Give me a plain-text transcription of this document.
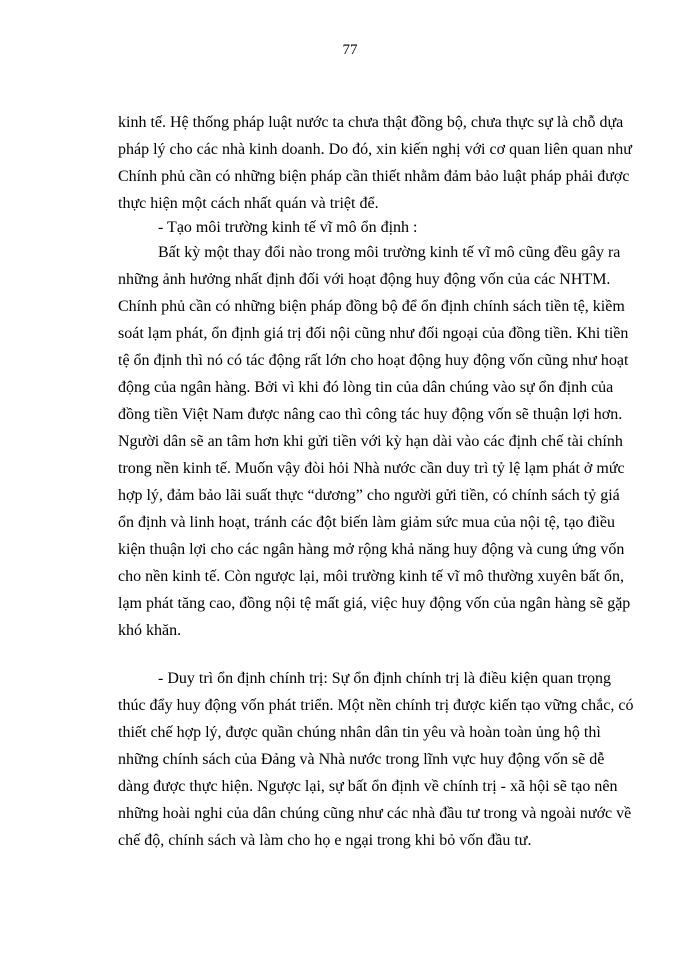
77
kinh tế. Hệ thống pháp luật nước ta chưa thật đồng bộ, chưa thực sự là chỗ dựa
pháp lý cho các nhà kinh doanh. Do đó, xin kiến nghị với cơ quan liên quan như
Chính phủ cần có những biện pháp cần thiết nhằm đảm bảo luật pháp phải được
thực hiện một cách nhất quán và triệt để.
- Tạo môi trường kinh tế vĩ mô ổn định :
Bất kỳ một thay đổi nào trong môi trường kinh tế vĩ mô cũng đều gây ra
những ảnh hưởng nhất định đối với hoạt động huy động vốn của các NHTM.
Chính phủ cần có những biện pháp đồng bộ để ổn định chính sách tiền tệ, kiềm
soát lạm phát, ổn định giá trị đối nội cũng như đối ngoại của đồng tiền. Khi tiền
tệ ổn định thì nó có tác động rất lớn cho hoạt động huy động vốn cũng như hoạt
động của ngân hàng. Bởi vì khi đó lòng tin của dân chúng vào sự ổn định của
đồng tiền Việt Nam được nâng cao thì công tác huy động vốn sẽ thuận lợi hơn.
Người dân sẽ an tâm hơn khi gửi tiền với kỳ hạn dài vào các định chế tài chính
trong nền kinh tế. Muốn vậy đòi hỏi Nhà nước cần duy trì tỷ lệ lạm phát ở mức
hợp lý, đảm bảo lãi suất thực “dương” cho người gửi tiền, có chính sách tỷ giá
ổn định và linh hoạt, tránh các đột biến làm giảm sức mua của nội tệ, tạo điều
kiện thuận lợi cho các ngân hàng mở rộng khả năng huy động và cung ứng vốn
cho nền kinh tế. Còn ngược lại, môi trường kinh tế vĩ mô thường xuyên bất ổn,
lạm phát tăng cao, đồng nội tệ mất giá, việc huy động vốn của ngân hàng sẽ gặp
khó khăn.
- Duy trì ổn định chính trị: Sự ổn định chính trị là điều kiện quan trọng
thúc đẩy huy động vốn phát triển. Một nền chính trị được kiến tạo vững chắc, có
thiết chế hợp lý, được quần chúng nhân dân tin yêu và hoàn toàn ủng hộ thì
những chính sách của Đảng và Nhà nước trong lĩnh vực huy động vốn sẽ dễ
dàng được thực hiện. Ngược lại, sự bất ổn định về chính trị - xã hội sẽ tạo nên
những hoài nghi của dân chúng cũng như các nhà đầu tư trong và ngoài nước về
chế độ, chính sách và làm cho họ e ngại trong khi bỏ vốn đầu tư.
